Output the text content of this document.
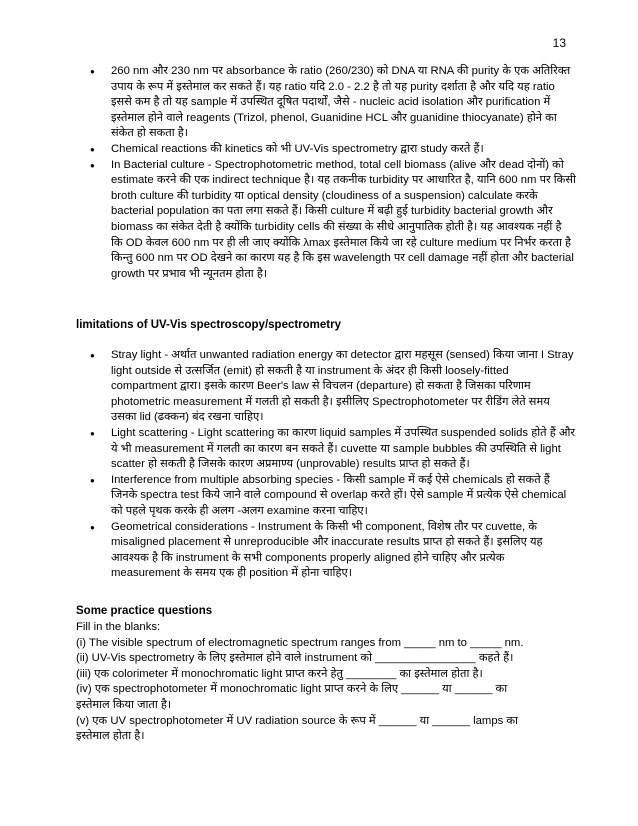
13
● 260 nm और 230 nm पर absorbance के ratio (260/230) को DNA या RNA की purity के एक अतिरिक्त उपाय के रूप में इस्तेमाल कर सकते हैं। यह ratio यदि 2.0 - 2.2 है तो यह purity दर्शाता है और यदि यह ratio इससे कम है तो यह sample में उपस्थित दूषित पदार्थों, जैसे - nucleic acid isolation और purification में इस्तेमाल होने वाले reagents (Trizol, phenol, Guanidine HCL और guanidine thiocyanate) होने का संकेत हो सकता है।
● Chemical reactions की kinetics को भी UV-Vis spectrometry द्वारा study करते हैं।
● In Bacterial culture - Spectrophotometric method, total cell biomass (alive और dead दोनों) को estimate करने की एक indirect technique है। यह तकनीक turbidity पर आधारित है, यानि 600 nm पर किसी broth culture की turbidity या optical density (cloudiness of a suspension) calculate करके bacterial population का पता लगा सकते हैं। किसी culture में बढ़ी हुई turbidity bacterial growth और biomass का संकेत देती है क्योंकि turbidity cells की संख्या के सीधे आनुपातिक होती है। यह आवश्यक नहीं है कि OD केवल 600 nm पर ही ली जाए क्योंकि λmax इस्तेमाल किये जा रहे culture medium पर निर्भर करता है किन्तु 600 nm पर OD देखने का कारण यह है कि इस wavelength पर cell damage नहीं होता और bacterial growth पर प्रभाव भी न्यूनतम होता है।
limitations of UV-Vis spectroscopy/spectrometry
● Stray light - अर्थात unwanted radiation energy का detector द्वारा महसूस (sensed) किया जाना I Stray light outside से उत्सर्जित (emit) हो सकती है या instrument के अंदर ही किसी loosely-fitted compartment द्वारा। इसके कारण Beer's law से विचलन (departure) हो सकता है जिसका परिणाम photometric measurement में गलती हो सकती है। इसीलिए Spectrophotometer पर रीडिंग लेते समय उसका lid (ढक्कन) बंद रखना चाहिए।
● Light scattering - Light scattering का कारण liquid samples में उपस्थित suspended solids होते हैं और ये भी measurement में गलती का कारण बन सकते हैं। cuvette या sample bubbles की उपस्थिति से light scatter हो सकती है जिसके कारण अप्रमाण्य (unprovable) results प्राप्त हो सकते हैं।
● Interference from multiple absorbing species - किसी sample में कई ऐसे chemicals हो सकते हैं जिनके spectra test किये जाने वाले compound से overlap करते हों। ऐसे sample में प्रत्येक ऐसे chemical को पहले पृथक करके ही अलग -अलग examine करना चाहिए।
● Geometrical considerations - Instrument के किसी भी component, विशेष तौर पर cuvette, के misaligned placement से unreproducible और inaccurate results प्राप्त हो सकते हैं। इसलिए यह आवश्यक है कि instrument के सभी components properly aligned होने चाहिए और प्रत्येक measurement के समय एक ही position में होना चाहिए।
Some practice questions
Fill in the blanks:
(i) The visible spectrum of electromagnetic spectrum ranges from _____ nm to _____ nm.
(ii) UV-Vis spectrometry के लिए इस्तेमाल होने वाले instrument को ________________ कहते हैं।
(iii) एक colorimeter में monochromatic light प्राप्त करने हेतु ________ का इस्तेमाल होता है।
(iv) एक spectrophotometer में monochromatic light प्राप्त करने के लिए ______ या ______ का
इस्तेमाल किया जाता है।
(v) एक UV spectrophotometer में UV radiation source के रूप में ______ या ______ lamps का
इस्तेमाल होता है।
